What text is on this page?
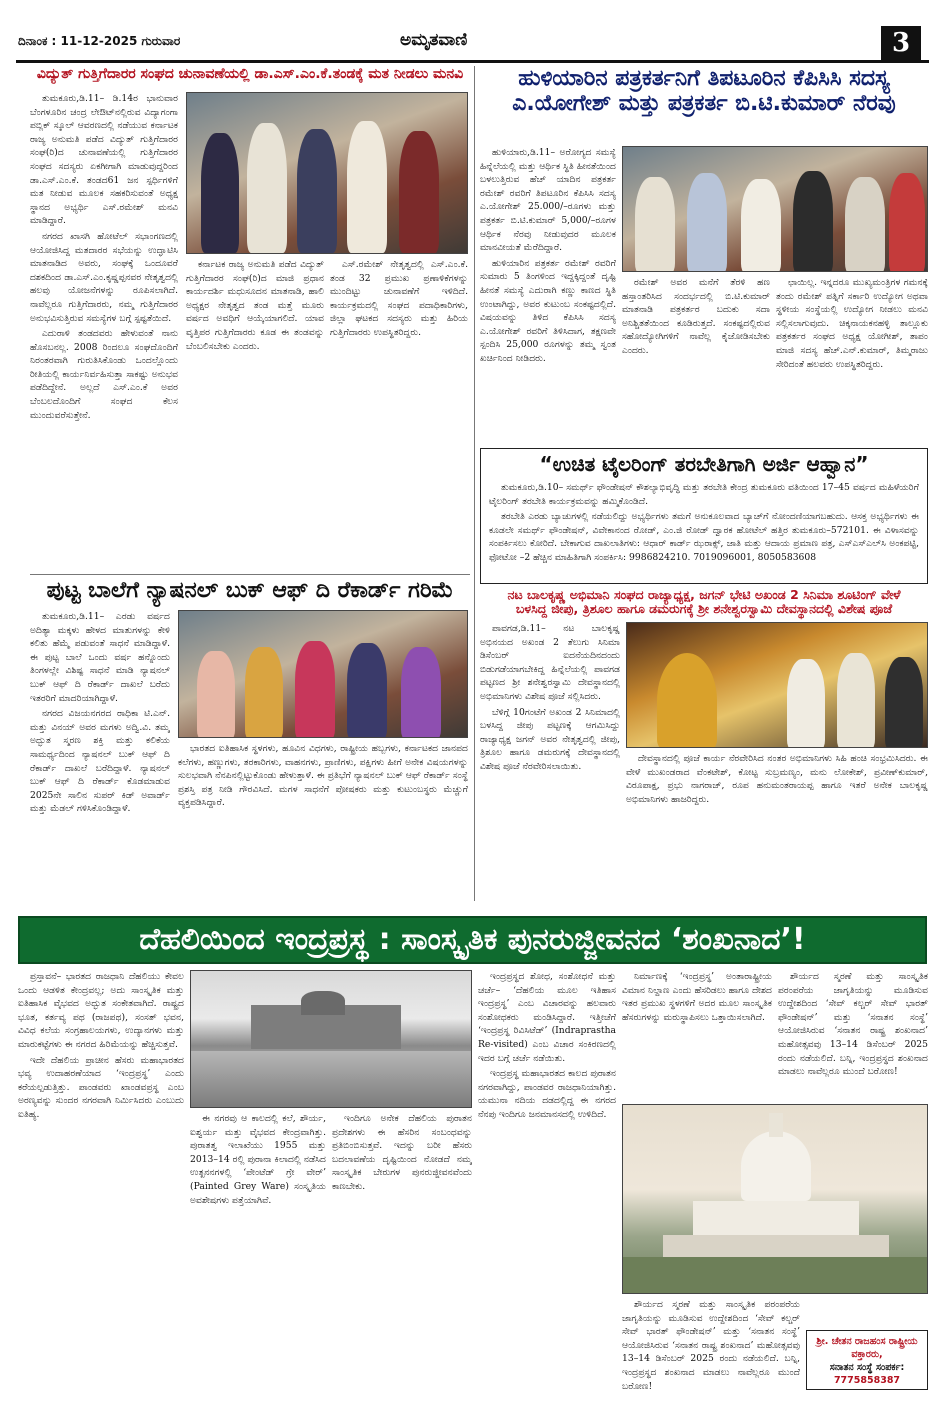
ದಿನಾಂಕ : 11-12-2025 ಗುರುವಾರ	ಅಮೃತವಾಣಿ	3
ವಿದ್ಯುತ್ ಗುತ್ತಿಗೆದಾರರ ಸಂಘದ ಚುನಾವಣೆಯಲ್ಲಿ ಡಾ.ಎಸ್.ಎಂ.ಕೆ.ತಂಡಕ್ಕೆ ಮತ ನೀಡಲು ಮನವಿ

ತುಮಕೂರು,ಡಿ.11– ಡಿ.14ರ ಭಾನುವಾರ ಬೆಂಗಳೂರಿನ ಚಂದ್ರ ಲೇಔಟ್‌ನಲ್ಲಿರುವ ವಿದ್ಯಾಗಂಗಾ ಪಬ್ಲಿಕ್ ಸ್ಕೂಲ್ ಆವರಣದಲ್ಲಿ ನಡೆಯುವ ಕರ್ನಾಟಕ ರಾಜ್ಯ ಅನುಮತಿ ಪಡೆದ ವಿದ್ಯುತ್ ಗುತ್ತಿಗೆದಾರರ ಸಂಘ(ರಿ)ದ ಚುನಾವಣೆಯಲ್ಲಿ ಗುತ್ತಿಗೆದಾರರ ಸಂಘದ ಸದಸ್ಯರು ಏಕಗೀಗಾಗಿ ಮಾಡುವುದ್ದರಿಂದ ಡಾ.ಎಸ್.ಎಂ.ಕೆ. ತಂಡದ61 ಜನ ಸ್ಪರ್ಧಿಗಳಿಗೆ ಮತ ನೀಡುವ ಮೂಲಕ ಸಹಕರಿಸುವಂತೆ ಅಧ್ಯಕ್ಷ ಸ್ಥಾನದ ಅಭ್ಯರ್ಥಿ ಎಸ್.ರಮೇಶ್ ಮನವಿ ಮಾಡಿದ್ದಾರೆ.

ನಗರದ ಖಾಸಗಿ ಹೋಟೆಲ್ ಸಭಾಂಗಣದಲ್ಲಿ ಆಯೋಜಿಸಿದ್ದ ಮತದಾರರ ಸಭೆಯನ್ನು ಉದ್ಘಾಟಿಸಿ ಮಾತನಾಡಿದ ಅವರು, ಸಂಘಕ್ಕೆ ಒಂದೂವರೆ ದಶಕದಿಂದ ಡಾ.ಎಸ್.ಎಂ.ಕೃಷ್ಣಪ್ಪನವರ ನೇತೃತ್ವದಲ್ಲಿ ಹಲವು ಯೋಜನೆಗಳನ್ನು ರೂಪಿಸಲಾಗಿದೆ. ನಾವೆಲ್ಲರೂ ಗುತ್ತಿಗೆದಾರರು, ನಮ್ಮ ಗುತ್ತಿಗೆದಾರರ ಅನುಭವಿಸುತ್ತಿರುವ ಸಮಸ್ಯೆಗಳ ಬಗ್ಗೆ ಸ್ಪಷ್ಟತೆಯಿದೆ.

ಎದುರಾಳಿ ತಂಡದವರು ಹೇಳುವಂತೆ ನಾನು ಹೊಸಬನಲ್ಲ. 2008 ರಿಂದಲೂ ಸಂಘದೊಂದಿಗೆ ನಿರಂತರವಾಗಿ ಗುರುತಿಸಿಕೊಂಡು ಒಂದಲ್ಲೊಂದು ರೀತಿಯಲ್ಲಿ ಕಾರ್ಯನಿರ್ವಹಿಸುತ್ತಾ ಸಾಕಷ್ಟು ಅನುಭವ ಪಡೆದಿದ್ದೇನೆ. ಅಲ್ಲದೆ ಎಸ್.ಎಂ.ಕೆ ಅವರ ಬೆಂಬಲದೊಂದಿಗೆ ಸಂಘದ ಕೆಲಸ ಮುಂದುವರೆಸುತ್ತೇನೆ.

ಕರ್ನಾಟಕ ರಾಜ್ಯ ಅನುಮತಿ ಪಡೆದ ವಿದ್ಯುತ್ ಗುತ್ತಿಗೆದಾರರ ಸಂಘ(ರಿ)ದ ಮಾಜಿ ಪ್ರಧಾನ ಕಾರ್ಯದರ್ಶಿ ಮಧುಸೂದನ ಮಾತನಾಡಿ, ಹಾಲಿ ಅಧ್ಯಕ್ಷರ ನೇತೃತ್ವದ ತಂಡ ಮತ್ತೆ ಮೂರು ವರ್ಷದ ಅವಧಿಗೆ ಆಯ್ಕೆಯಾಗಲಿದೆ. ಯಾವ ವೃತ್ತಿಪರ ಗುತ್ತಿಗೆದಾರರು ಕೂಡ ಈ ತಂಡವನ್ನು ಬೆಂಬಲಿಸಬೇಕು ಎಂದರು.

ಎಸ್.ರಮೇಶ್ ನೇತೃತ್ವದಲ್ಲಿ ಎಸ್.ಎಂ.ಕೆ. ತಂಡ 32 ಪ್ರಮುಖ ಪ್ರಣಾಳಿಕೆಗಳನ್ನು ಮುಂದಿಟ್ಟು ಚುನಾವಣೆಗೆ ಇಳಿದಿದೆ. ಕಾರ್ಯಕ್ರಮದಲ್ಲಿ ಸಂಘದ ಪದಾಧಿಕಾರಿಗಳು, ಜಿಲ್ಲಾ ಘಟಕದ ಸದಸ್ಯರು ಮತ್ತು ಹಿರಿಯ ಗುತ್ತಿಗೆದಾರರು ಉಪಸ್ಥಿತರಿದ್ದರು.

ಹುಳಿಯಾರಿನ ಪತ್ರಕರ್ತನಿಗೆ ತಿಪಟೂರಿನ ಕೆಪಿಸಿಸಿ ಸದಸ್ಯ
ಎ.ಯೋಗೇಶ್ ಮತ್ತು ಪತ್ರಕರ್ತ ಬಿ.ಟಿ.ಕುಮಾರ್ ನೆರವು

ಹುಳಿಯಾರು,ಡಿ.11– ಅರೋಗ್ಯದ ಸಮಸ್ಯೆ ಹಿನ್ನೆಲೆಯಲ್ಲಿ ಮತ್ತು ಆರ್ಥಿಕ ಸ್ಥಿತಿ ಹೀನತೆಯಿಂದ ಬಳಲುತ್ತಿರುವ ಹೆಚ್ ಯಾದಿನ ಪತ್ರಕರ್ತ ರಮೇಶ್ ರವರಿಗೆ ತಿಪಟೂರಿನ ಕೆಪಿಸಿಸಿ ಸದಸ್ಯ ಎ.ಯೋಗೇಶ್ 25.000/–ರೂಗಳು ಮತ್ತು ಪತ್ರಕರ್ತ ಬಿ.ಟಿ.ಕುಮಾರ್ 5,000/–ರೂಗಳ ಆರ್ಥಿಕ ನೆರವು ನೀಡುವುದರ ಮೂಲಕ ಮಾನವೀಯತೆ ಮೆರೆದಿದ್ದಾರೆ.

ಹುಳಿಯಾರಿನ ಪತ್ರಕರ್ತ ರಮೇಶ್ ರವರಿಗೆ ಸುಮಾರು 5 ತಿಂಗಳಿಂದ ಇದ್ದಕ್ಕಿದ್ದಂತೆ ದೃಷ್ಟಿ ಹೀನತೆ ಸಮಸ್ಯೆ ಎದುರಾಗಿ ಕಣ್ಣು ಕಾಣದ ಸ್ಥಿತಿ ಉಂಟಾಗಿದ್ದು, ಅವರ ಕುಟುಂಬ ಸಂಕಷ್ಟದಲ್ಲಿದೆ. ವಿಷಯವನ್ನು ತಿಳಿದ ಕೆಪಿಸಿಸಿ ಸದಸ್ಯ ಎ.ಯೋಗೇಶ್ ರವರಿಗೆ ತಿಳಿಸಿದಾಗ, ತಕ್ಷಣವೇ ಸ್ಪಂದಿಸಿ 25,000 ರೂಗಳನ್ನು ತಮ್ಮ ಸ್ವಂತ ಖರ್ಚಿನಿಂದ ನೀಡಿದರು.

ರಮೇಶ್ ಅವರ ಮನೆಗೆ ತೆರಳಿ ಹಣ ಹಸ್ತಾಂತರಿಸಿದ ಸಂದರ್ಭದಲ್ಲಿ ಬಿ.ಟಿ.ಕುಮಾರ್ ಮಾತನಾಡಿ ಪತ್ರಕರ್ತರ ಬದುಕು ಸದಾ ಅನಿಶ್ಚಿತತೆಯಿಂದ ಕೂಡಿರುತ್ತದೆ. ಸಂಕಷ್ಟದಲ್ಲಿರುವ ಸಹೋದ್ಯೋಗಿಗಳಿಗೆ ನಾವೆಲ್ಲ ಕೈಜೋಡಿಸಬೇಕು ಎಂದರು.

ಛಾಯಿಲ್ಲ. ಇನ್ನದರೂ ಮುಖ್ಯಮಂತ್ರಿಗಳ ಗಮನಕ್ಕೆ ತಂದು ರಮೇಶ್ ಪತ್ನಿಗೆ ಸರ್ಕಾರಿ ಉದ್ಯೋಗ ಅಥವಾ ಸ್ಥಳೀಯ ಸಂಸ್ಥೆಯಲ್ಲಿ ಉದ್ಯೋಗ ನೀಡಲು ಮನವಿ ಸಲ್ಲಿಸಲಾಗುವುದು. ಚಿಕ್ಕನಾಯಕನಹಳ್ಳಿ ತಾಲ್ಲೂಕು ಪತ್ರಕರ್ತರ ಸಂಘದ ಅಧ್ಯಕ್ಷ ಯೋಗೀಶ್, ತಾಪಂ ಮಾಜಿ ಸದಸ್ಯ ಹೆಚ್.ಎನ್.ಕುಮಾರ್, ತಿಮ್ಮರಾಜು ಸೇರಿದಂತೆ ಹಲವರು ಉಪಸ್ಥಿತರಿದ್ದರು.

“ಉಚಿತ ಟೈಲರಿಂಗ್ ತರಬೇತಿಗಾಗಿ ಅರ್ಜಿ ಆಹ್ವಾನ”

ತುಮಕೂರು,ಡಿ.10– ಸಮರ್ಥ್ ಫೌಂಡೇಷನ್ ಕೌಶಲ್ಯಾಭಿವೃದ್ಧಿ ಮತ್ತು ತರಬೇತಿ ಕೇಂದ್ರ ತುಮಕೂರು ವತಿಯಿಂದ 17–45 ವರ್ಷದ ಮಹಿಳೆಯರಿಗೆ ಟೈಲರಿಂಗ್ ತರಬೇತಿ ಕಾರ್ಯಕ್ರಮವನ್ನು ಹಮ್ಮಿಕೊಂಡಿದೆ.

ತರಬೇತಿ ಎರಡು ಬ್ಯಾಚುಗಳಲ್ಲಿ ನಡೆಯಲಿದ್ದು ಅಭ್ಯರ್ಥಿಗಳು ತಮಗೆ ಅನುಕೂಲವಾದ ಬ್ಯಾಚ್‌ಗೆ ನೋಂದಣಿಯಾಗಬಹುದು. ಆಸಕ್ತ ಅಭ್ಯರ್ಥಿಗಳು ಈ ಕೂಡಲೇ ಸಮರ್ಥ್ ಫೌಂಡೇಷನ್, ವಿವೇಕಾನಂದ ರೋಡ್, ಎಂ.ಜಿ ರೋಡ್ ದ್ವಾರಕ ಹೋಟೆಲ್ ಹತ್ತಿರ ತುಮಕೂರು–572101. ಈ ವಿಳಾಸವನ್ನು ಸಂಪರ್ಕಿಸಲು ಕೋರಿದೆ. ಬೇಕಾಗುವ ದಾಖಲಾತಿಗಳು: ಆಧಾರ್ ಕಾರ್ಡ್ ಝರಾಕ್ಸ್, ಜಾತಿ ಮತ್ತು ಆದಾಯ ಪ್ರಮಾಣ ಪತ್ರ, ಎಸ್‌ಎಸ್‌ಎಲ್‌ಸಿ ಅಂಕಪಟ್ಟಿ, ಫೋಟೋ –2 ಹೆಚ್ಚಿನ ಮಾಹಿತಿಗಾಗಿ ಸಂಪರ್ಕಿಸಿ: 9986824210. 7019096001, 8050583608

ಪುಟ್ಟ ಬಾಲೆಗೆ ನ್ಯಾಷನಲ್ ಬುಕ್ ಆಫ್ ದಿ ರೆಕಾರ್ಡ್ ಗರಿಮೆ

ತುಮಕೂರು,ಡಿ.11– ಎರಡು ವರ್ಷದ ಅದಿತ್ಯಾ ಮಕ್ಕಳು ಹೇಳದ ಮಾತುಗಳನ್ನು ಕೇಳಿ ಕಲಿತು ಹೆಮ್ಮೆ ಪಡುವಂತೆ ಸಾಧನೆ ಮಾಡಿದ್ದಾಳೆ. ಈ ಪುಟ್ಟ ಬಾಲೆ ಒಂದು ವರ್ಷ ಹನ್ನೊಂದು ತಿಂಗಳಲ್ಲೇ ವಿಶಿಷ್ಟ ಸಾಧನೆ ಮಾಡಿ ನ್ಯಾಷನಲ್ ಬುಕ್ ಆಫ್ ದಿ ರೆಕಾರ್ಡ್ ದಾಖಲೆ ಬರೆದು ಇತರರಿಗೆ ಮಾದರಿಯಾಗಿದ್ದಾಳೆ.

ನಗರದ ವಿಜಯನಗರದ ರಾಧಿಕಾ ಟಿ.ಎನ್. ಮತ್ತು ವಿನಯ್ ಅವರ ಮಗಳು ಅದ್ವಿ.ವಿ. ತಮ್ಮ ಅದ್ಭುತ ಸ್ಮರಣ ಶಕ್ತಿ ಮತ್ತು ಕಲಿಕೆಯ ಸಾಮರ್ಥ್ಯದಿಂದ ನ್ಯಾಷನಲ್ ಬುಕ್ ಆಫ್ ದಿ ರೆಕಾರ್ಡ್ ದಾಖಲೆ ಬರೆದಿದ್ದಾಳೆ. ನ್ಯಾಷನಲ್ ಬುಕ್ ಆಫ್ ದಿ ರೆಕಾರ್ಡ್ ಕೊಡಮಾಡುವ 2025ನೇ ಸಾಲಿನ ಸುಪರ್ ಕಿಡ್ ಅವಾರ್ಡ್ ಮತ್ತು ಮೆಡಲ್ ಗಳಿಸಿಕೊಂಡಿದ್ದಾಳೆ.

ಭಾರತದ ಐತಿಹಾಸಿಕ ಸ್ಥಳಗಳು, ಹೂವಿನ ವಿಧಗಳು, ರಾಷ್ಟ್ರೀಯ ಹಬ್ಬಗಳು, ಕರ್ನಾಟಕದ ಜಾನಪದ ಕಲೆಗಳು, ಹಣ್ಣುಗಳು, ತರಕಾರಿಗಳು, ವಾಹನಗಳು, ಪ್ರಾಣಿಗಳು, ಪಕ್ಷಿಗಳು ಹೀಗೆ ಅನೇಕ ವಿಷಯಗಳನ್ನು ಸುಲಭವಾಗಿ ನೆನಪಿನಲ್ಲಿಟ್ಟುಕೊಂಡು ಹೇಳುತ್ತಾಳೆ. ಈ ಪ್ರತಿಭೆಗೆ ನ್ಯಾಷನಲ್ ಬುಕ್ ಆಫ್ ರೆಕಾರ್ಡ್ ಸಂಸ್ಥೆ ಪ್ರಶಸ್ತಿ ಪತ್ರ ನೀಡಿ ಗೌರವಿಸಿದೆ. ಮಗಳ ಸಾಧನೆಗೆ ಪೋಷಕರು ಮತ್ತು ಕುಟುಂಬಸ್ಥರು ಮೆಚ್ಚುಗೆ ವ್ಯಕ್ತಪಡಿಸಿದ್ದಾರೆ.

ನಟ ಬಾಲಕೃಷ್ಣ ಅಭಿಮಾನಿ ಸಂಘದ ರಾಜ್ಯಾಧ್ಯಕ್ಷ, ಜಗನ್ ಭೇಟಿ ಅಖಂಡ 2 ಸಿನಿಮಾ ಶೂಟಿಂಗ್ ವೇಳೆ
ಬಳಸಿದ್ದ ಜೀಪು, ತ್ರಿಶೂಲ ಹಾಗೂ ಡಮರುಗಕ್ಕೆ ಶ್ರೀ ಶನೇಶ್ವರಸ್ವಾಮಿ ದೇವಸ್ಥಾನದಲ್ಲಿ ವಿಶೇಷ ಪೂಜೆ

ಪಾವಗಡ,ಡಿ.11– ನಟ ಬಾಲಕೃಷ್ಣ ಅಭಿನಯದ ಅಖಂಡ 2 ತೆಲುಗು ಸಿನಿಮಾ ಡಿಸೆಂಬರ್ ಐದನೆಯದಿನದಂದು ಬಿಡುಗಡೆಯಾಗಬೇಕಿದ್ದ ಹಿನ್ನೆಲೆಯಲ್ಲಿ ಪಾವಗಡ ಪಟ್ಟಣದ ಶ್ರೀ ಶನೇಶ್ವರಸ್ವಾಮಿ ದೇವಸ್ಥಾನದಲ್ಲಿ ಅಭಿಮಾನಿಗಳು ವಿಶೇಷ ಪೂಜೆ ಸಲ್ಲಿಸಿದರು.

ಬೆಳಿಗ್ಗೆ 10ಗಂಟೆಗೆ ಅಖಂಡ 2 ಸಿನಿಮಾದಲ್ಲಿ ಬಳಸಿದ್ದ ಜೀಪು ಪಟ್ಟಣಕ್ಕೆ ಆಗಮಿಸಿದ್ದು ರಾಜ್ಯಾಧ್ಯಕ್ಷ ಜಗನ್ ಅವರ ನೇತೃತ್ವದಲ್ಲಿ ಜೀಪು, ತ್ರಿಶೂಲ ಹಾಗೂ ಡಮರುಗಕ್ಕೆ ದೇವಸ್ಥಾನದಲ್ಲಿ ವಿಶೇಷ ಪೂಜೆ ನೆರವೇರಿಸಲಾಯಿತು.

ದೇವಸ್ಥಾನದಲ್ಲಿ ಪೂಜೆ ಕಾರ್ಯ ನೆರವೇರಿಸಿದ ನಂತರ ಅಭಿಮಾನಿಗಳು ಸಿಹಿ ಹಂಚಿ ಸಂಭ್ರಮಿಸಿದರು. ಈ ವೇಳೆ ಮುಖಂಡರಾದ ವೆಂಕಟೇಶ್, ಕೋಟ್ಟ ಸುಬ್ರಮಣ್ಯಂ, ಮನು ಲೋಕೇಶ್, ಪ್ರವೀಣ್‌ಕುಮಾರ್, ವಿರೂಪಾಕ್ಷ, ಪ್ರಭು ನಾಗರಾಜ್, ರೂಪ ಹನುಮಂತರಾಯಪ್ಪ ಹಾಗೂ ಇತರೆ ಅನೇಕ ಬಾಲಕೃಷ್ಣ ಅಭಿಮಾನಿಗಳು ಹಾಜರಿದ್ದರು.

ದೆಹಲಿಯಿಂದ ಇಂದ್ರಪ್ರಸ್ಥ : ಸಾಂಸ್ಕೃತಿಕ ಪುನರುಜ್ಜೀವನದ ‘ಶಂಖನಾದ’!

ಪ್ರಸ್ತಾವನೆ– ಭಾರತದ ರಾಜಧಾನಿ ದೆಹಲಿಯು ಕೇವಲ ಒಂದು ಆಡಳಿತ ಕೇಂದ್ರವಲ್ಲ; ಅದು ಸಾಂಸ್ಕೃತಿಕ ಮತ್ತು ಐತಿಹಾಸಿಕ ವೈಭವದ ಅದ್ಭುತ ಸಂಕೇತವಾಗಿದೆ. ರಾಷ್ಟ್ರದ ಭೂತ, ಕರ್ತವ್ಯ ಪಥ (ರಾಜಪಥ), ಸಂಸತ್ ಭವನ, ವಿವಿಧ ಕಲೆಯ ಸಂಗ್ರಹಾಲಯಗಳು, ಉದ್ಯಾನಗಳು ಮತ್ತು ಮಾರುಕಟ್ಟೆಗಳು ಈ ನಗರದ ಹಿರಿಮೆಯನ್ನು ಹೆಚ್ಚಿಸುತ್ತವೆ.

ಇದೇ ದೆಹಲಿಯ ಪ್ರಾಚೀನ ಹೆಸರು ಮಹಾಭಾರತದ ಭವ್ಯ ಉದಾಹರಣೆಯಾದ ‘ಇಂದ್ರಪ್ರಸ್ಥ’ ಎಂದು ಕರೆಯಲ್ಪಡುತ್ತಿತ್ತು. ಪಾಂಡವರು ಖಾಂಡವಪ್ರಸ್ಥ ಎಂಬ ಅರಣ್ಯವನ್ನು ಸುಂದರ ನಗರವಾಗಿ ನಿರ್ಮಿಸಿದರು ಎಂಬುದು ಐತಿಹ್ಯ.	ಈ ನಗರವು ಆ ಕಾಲದಲ್ಲಿ ಕಲೆ, ಶೌರ್ಯ, ಐಶ್ವರ್ಯ ಮತ್ತು ವೈಭವದ ಕೇಂದ್ರವಾಗಿತ್ತು. ಪುರಾತತ್ವ ಇಲಾಖೆಯು 1955 ಮತ್ತು 2013–14 ರಲ್ಲಿ ಪುರಾನಾ ಕಿಲಾದಲ್ಲಿ ನಡೆಸಿದ ಉತ್ಖನನಗಳಲ್ಲಿ ‘ಪೇಂಟೆಡ್ ಗ್ರೇ ವೇರ್’ (Painted Grey Ware) ಸಂಸ್ಕೃತಿಯ ಅವಶೇಷಗಳು ಪತ್ತೆಯಾಗಿವೆ.

ಇಂದಿಗೂ ಅನೇಕ ದೆಹಲಿಯ ಪುರಾತನ ಪ್ರದೇಶಗಳು ಈ ಹೆಸರಿನ ಸಂಬಂಧವನ್ನು ಪ್ರತಿಬಿಂಬಿಸುತ್ತವೆ. ಇದನ್ನು ಬರೀ ಹೆಸರು ಬದಲಾವಣೆಯ ದೃಷ್ಟಿಯಿಂದ ನೋಡದೆ ನಮ್ಮ ಸಾಂಸ್ಕೃತಿಕ ಬೇರುಗಳ ಪುನರುಜ್ಜೀವನವೆಂದು ಕಾಣಬೇಕು.

ಇಂದ್ರಪ್ರಸ್ಥದ ಶೋಧ, ಸಂಶೋಧನೆ ಮತ್ತು ಚರ್ಚೆ– ‘ದೆಹಲಿಯ ಮೂಲ ಇತಿಹಾಸ ಇಂದ್ರಪ್ರಸ್ಥ’ ಎಂಬ ವಿಚಾರವನ್ನು ಹಲವಾರು ಸಂಶೋಧಕರು ಮಂಡಿಸಿದ್ದಾರೆ. ಇತ್ತೀಚೆಗೆ ‘ಇಂದ್ರಪ್ರಸ್ಥ ರಿವಿಸಿಟೆಡ್’ (Indraprastha Re-visited) ಎಂಬ ವಿಚಾರ ಸಂಕಿರಣದಲ್ಲಿ ಇದರ ಬಗ್ಗೆ ಚರ್ಚೆ ನಡೆಯಿತು.

ಇಂದ್ರಪ್ರಸ್ಥ ಮಹಾಭಾರತದ ಕಾಲದ ಪುರಾತನ ನಗರವಾಗಿದ್ದು, ಪಾಂಡವರ ರಾಜಧಾನಿಯಾಗಿತ್ತು. ಯಮುನಾ ನದಿಯ ದಡದಲ್ಲಿದ್ದ ಈ ನಗರದ ನೆನಪು ಇಂದಿಗೂ ಜನಮಾನಸದಲ್ಲಿ ಉಳಿದಿದೆ.

ನಿರ್ಮಾಣಕ್ಕೆ ‘ಇಂದ್ರಪ್ರಸ್ಥ’ ಅಂತಾರಾಷ್ಟ್ರೀಯ ವಿಮಾನ ನಿಲ್ದಾಣ ಎಂದು ಹೆಸರಿಡಲು ಹಾಗೂ ದೇಶದ ಇತರ ಪ್ರಮುಖ ಸ್ಥಳಗಳಿಗೆ ಅದರ ಮೂಲ ಸಾಂಸ್ಕೃತಿಕ ಹೆಸರುಗಳನ್ನು ಮರುಸ್ಥಾಪಿಸಲು ಒತ್ತಾಯಿಸಲಾಗಿದೆ.

ಶೌರ್ಯದ ಸ್ಮರಣೆ ಮತ್ತು ಸಾಂಸ್ಕೃತಿಕ ಪರಂಪರೆಯ ಜಾಗೃತಿಯನ್ನು ಮೂಡಿಸುವ ಉದ್ದೇಶದಿಂದ ‘ಸೇವ್ ಕಲ್ಚರ್ ಸೇವ್ ಭಾರತ್ ಫೌಂಡೇಷನ್’ ಮತ್ತು ‘ಸನಾತನ ಸಂಸ್ಥೆ’ ಆಯೋಜಿಸಿರುವ ‘ಸನಾತನ ರಾಷ್ಟ್ರ ಶಂಖನಾದ’ ಮಹೋತ್ಸವವು 13–14 ಡಿಸೆಂಬರ್ 2025 ರಂದು ನಡೆಯಲಿದೆ. ಬನ್ನಿ, ಇಂದ್ರಪ್ರಸ್ಥದ ಶಂಖನಾದ ಮಾಡಲು ನಾವೆಲ್ಲರೂ ಮುಂದೆ ಬರೋಣ!

ಶೌರ್ಯದ ಸ್ಮರಣೆ ಮತ್ತು ಸಾಂಸ್ಕೃತಿಕ ಪರಂಪರೆಯ ಜಾಗೃತಿಯನ್ನು ಮೂಡಿಸುವ ಉದ್ದೇಶದಿಂದ ‘ಸೇವ್ ಕಲ್ಚರ್ ಸೇವ್ ಭಾರತ್ ಫೌಂಡೇಷನ್’ ಮತ್ತು ‘ಸನಾತನ ಸಂಸ್ಥೆ’ ಆಯೋಜಿಸಿರುವ ‘ಸನಾತನ ರಾಷ್ಟ್ರ ಶಂಖನಾದ’ ಮಹೋತ್ಸವವು 13–14 ಡಿಸೆಂಬರ್ 2025 ರಂದು ನಡೆಯಲಿದೆ. ಬನ್ನಿ, ಇಂದ್ರಪ್ರಸ್ಥದ ಶಂಖನಾದ ಮಾಡಲು ನಾವೆಲ್ಲರೂ ಮುಂದೆ ಬರೋಣ!

ಶ್ರೀ. ಚೇತನ ರಾಜಹಂಸ ರಾಷ್ಟ್ರೀಯ ವಕ್ತಾರರು,
ಸನಾತನ ಸಂಸ್ಥೆ ಸಂಪರ್ಕ:
7775858387
